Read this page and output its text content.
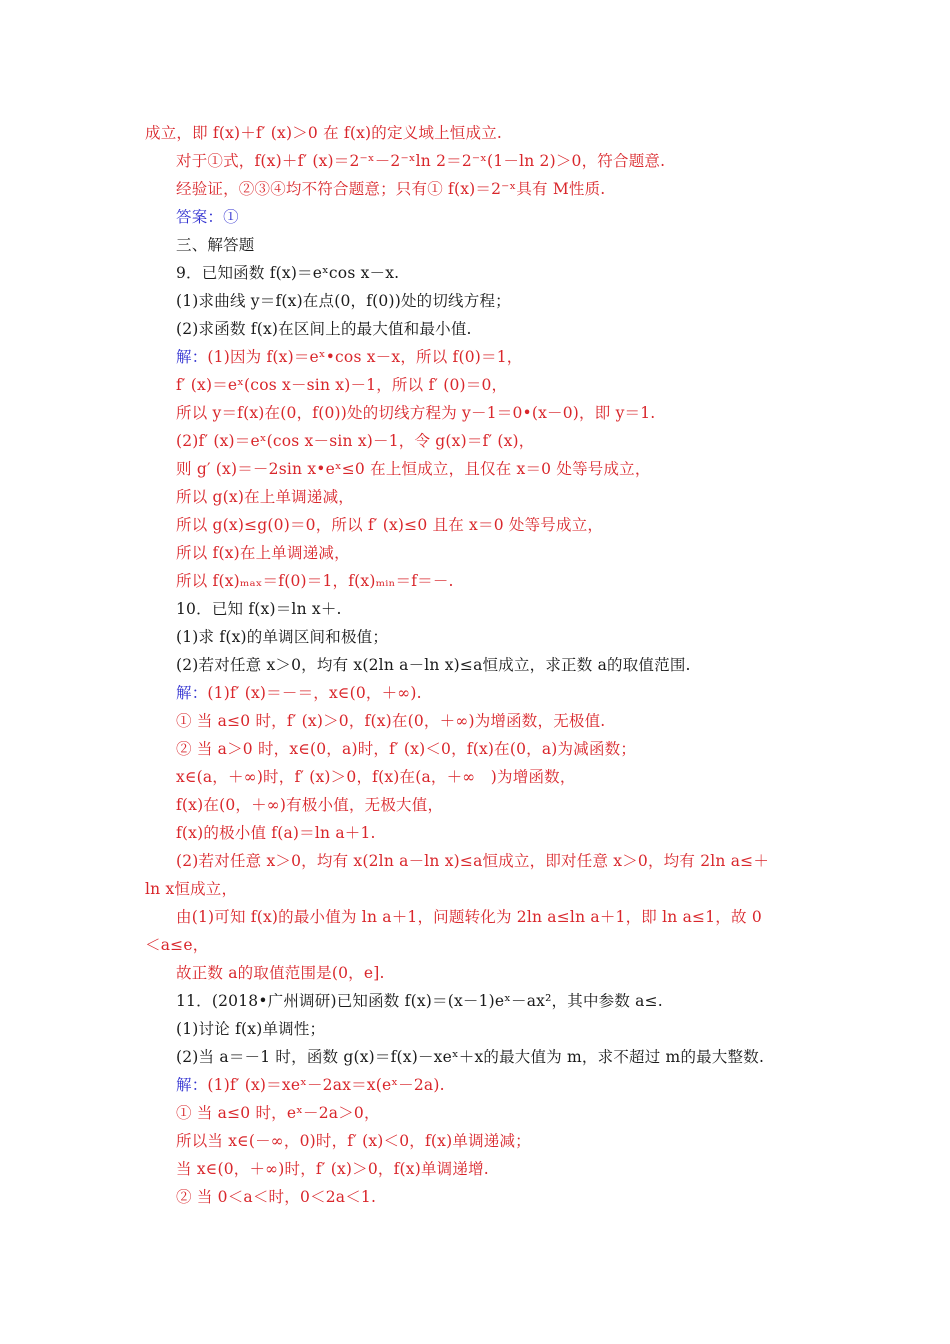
成立，即 f(x)＋f′ (x)＞0 在 f(x)的定义域上恒成立.
对于①式，f(x)＋f′ (x)＝2⁻ˣ－2⁻ˣln 2＝2⁻ˣ(1－ln 2)＞0，符合题意.
经验证，②③④均不符合题意；只有① f(x)＝2⁻ˣ具有 M性质.
答案：①
三、解答题
9．已知函数 f(x)＝eˣcos x－x.
(1)求曲线 y＝f(x)在点(0，f(0))处的切线方程；
(2)求函数 f(x)在区间上的最大值和最小值.
解：(1)因为 f(x)＝eˣ•cos x－x，所以 f(0)＝1，
f′ (x)＝eˣ(cos x－sin x)－1，所以 f′ (0)＝0，
所以 y＝f(x)在(0，f(0))处的切线方程为 y－1＝0•(x－0)，即 y＝1.
(2)f′ (x)＝eˣ(cos x－sin x)－1，令 g(x)＝f′ (x)，
则 g′ (x)＝－2sin x•eˣ≤0 在上恒成立，且仅在 x＝0 处等号成立，
所以 g(x)在上单调递减，
所以 g(x)≤g(0)＝0，所以 f′ (x)≤0 且在 x＝0 处等号成立，
所以 f(x)在上单调递减，
所以 f(x)ₘₐₓ＝f(0)＝1，f(x)ₘᵢₙ＝f＝－.
10．已知 f(x)＝ln x＋.
(1)求 f(x)的单调区间和极值；
(2)若对任意 x＞0，均有 x(2ln a－ln x)≤a恒成立，求正数 a的取值范围.
解：(1)f′ (x)＝－＝，x∈(0，＋∞).
① 当 a≤0 时，f′ (x)＞0，f(x)在(0，＋∞)为增函数，无极值.
② 当 a＞0 时，x∈(0，a)时，f′ (x)＜0，f(x)在(0，a)为减函数；
x∈(a，＋∞)时，f′ (x)＞0，f(x)在(a，＋∞   )为增函数，
f(x)在(0，＋∞)有极小值，无极大值，
f(x)的极小值 f(a)＝ln a＋1.
(2)若对任意 x＞0，均有 x(2ln a－ln x)≤a恒成立，即对任意 x＞0，均有 2ln a≤＋
ln x恒成立，
由(1)可知 f(x)的最小值为 ln a＋1，问题转化为 2ln a≤ln a＋1，即 ln a≤1，故 0
＜a≤e，
故正数 a的取值范围是(0，e].
11．(2018•广州调研)已知函数 f(x)＝(x－1)eˣ－ax²，其中参数 a≤.
(1)讨论 f(x)单调性；
(2)当 a＝－1 时，函数 g(x)＝f(x)－xeˣ＋x的最大值为 m，求不超过 m的最大整数.
解：(1)f′ (x)＝xeˣ－2ax＝x(eˣ－2a).
① 当 a≤0 时，eˣ－2a＞0，
所以当 x∈(－∞，0)时，f′ (x)＜0，f(x)单调递减；
当 x∈(0，＋∞)时，f′ (x)＞0，f(x)单调递增.
② 当 0＜a＜时，0＜2a＜1.
